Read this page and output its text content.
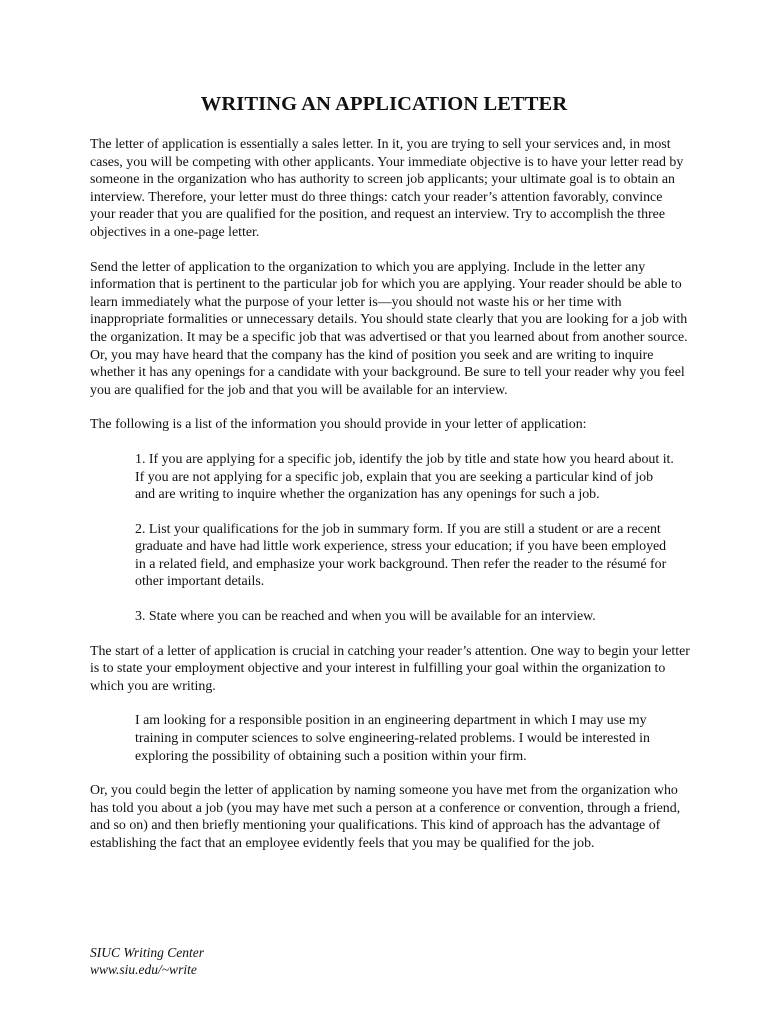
WRITING AN APPLICATION LETTER

The letter of application is essentially a sales letter. In it, you are trying to sell your services and, in most cases, you will be competing with other applicants. Your immediate objective is to have your letter read by someone in the organization who has authority to screen job applicants; your ultimate goal is to obtain an interview. Therefore, your letter must do three things: catch your reader’s attention favorably, convince your reader that you are qualified for the position, and request an interview. Try to accomplish the three objectives in a one-page letter.

Send the letter of application to the organization to which you are applying. Include in the letter any information that is pertinent to the particular job for which you are applying. Your reader should be able to learn immediately what the purpose of your letter is—you should not waste his or her time with inappropriate formalities or unnecessary details. You should state clearly that you are looking for a job with the organization. It may be a specific job that was advertised or that you learned about from another source. Or, you may have heard that the company has the kind of position you seek and are writing to inquire whether it has any openings for a candidate with your background. Be sure to tell your reader why you feel you are qualified for the job and that you will be available for an interview.

The following is a list of the information you should provide in your letter of application:

1. If you are applying for a specific job, identify the job by title and state how you heard about it. If you are not applying for a specific job, explain that you are seeking a particular kind of job and are writing to inquire whether the organization has any openings for such a job.

2. List your qualifications for the job in summary form. If you are still a student or are a recent graduate and have had little work experience, stress your education; if you have been employed in a related field, and emphasize your work background. Then refer the reader to the résumé for other important details.

3. State where you can be reached and when you will be available for an interview.

The start of a letter of application is crucial in catching your reader’s attention. One way to begin your letter is to state your employment objective and your interest in fulfilling your goal within the organization to which you are writing.

I am looking for a responsible position in an engineering department in which I may use my training in computer sciences to solve engineering-related problems. I would be interested in exploring the possibility of obtaining such a position within your firm.

Or, you could begin the letter of application by naming someone you have met from the organization who has told you about a job (you may have met such a person at a conference or convention, through a friend, and so on) and then briefly mentioning your qualifications. This kind of approach has the advantage of establishing the fact that an employee evidently feels that you may be qualified for the job.

SIUC Writing Center
www.siu.edu/~write
